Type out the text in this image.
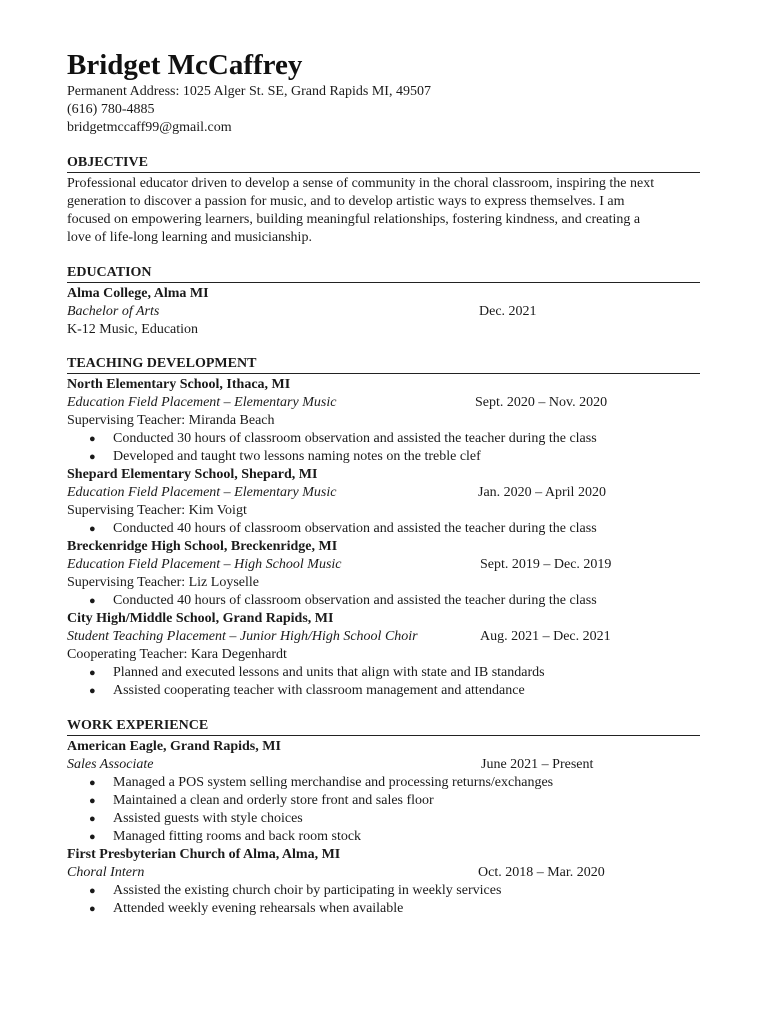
Bridget McCaffrey
Permanent Address: 1025 Alger St. SE, Grand Rapids MI, 49507
(616) 780-4885
bridgetmccaff99@gmail.com
OBJECTIVE
Professional educator driven to develop a sense of community in the choral classroom, inspiring the next
generation to discover a passion for music, and to develop artistic ways to express themselves. I am
focused on empowering learners, building meaningful relationships, fostering kindness, and creating a
love of life-long learning and musicianship.
EDUCATION
Alma College, Alma MI
Bachelor of Arts	Dec. 2021
K-12 Music, Education
TEACHING DEVELOPMENT
North Elementary School, Ithaca, MI
Education Field Placement – Elementary Music	Sept. 2020 – Nov. 2020
Supervising Teacher: Miranda Beach
● Conducted 30 hours of classroom observation and assisted the teacher during the class
● Developed and taught two lessons naming notes on the treble clef
Shepard Elementary School, Shepard, MI
Education Field Placement – Elementary Music	Jan. 2020 – April 2020
Supervising Teacher: Kim Voigt
● Conducted 40 hours of classroom observation and assisted the teacher during the class
Breckenridge High School, Breckenridge, MI
Education Field Placement – High School Music	Sept. 2019 – Dec. 2019
Supervising Teacher: Liz Loyselle
● Conducted 40 hours of classroom observation and assisted the teacher during the class
City High/Middle School, Grand Rapids, MI
Student Teaching Placement – Junior High/High School Choir	Aug. 2021 – Dec. 2021
Cooperating Teacher: Kara Degenhardt
● Planned and executed lessons and units that align with state and IB standards
● Assisted cooperating teacher with classroom management and attendance
WORK EXPERIENCE
American Eagle, Grand Rapids, MI
Sales Associate	June 2021 – Present
● Managed a POS system selling merchandise and processing returns/exchanges
● Maintained a clean and orderly store front and sales floor
● Assisted guests with style choices
● Managed fitting rooms and back room stock
First Presbyterian Church of Alma, Alma, MI
Choral Intern	Oct. 2018 – Mar. 2020
● Assisted the existing church choir by participating in weekly services
● Attended weekly evening rehearsals when available
